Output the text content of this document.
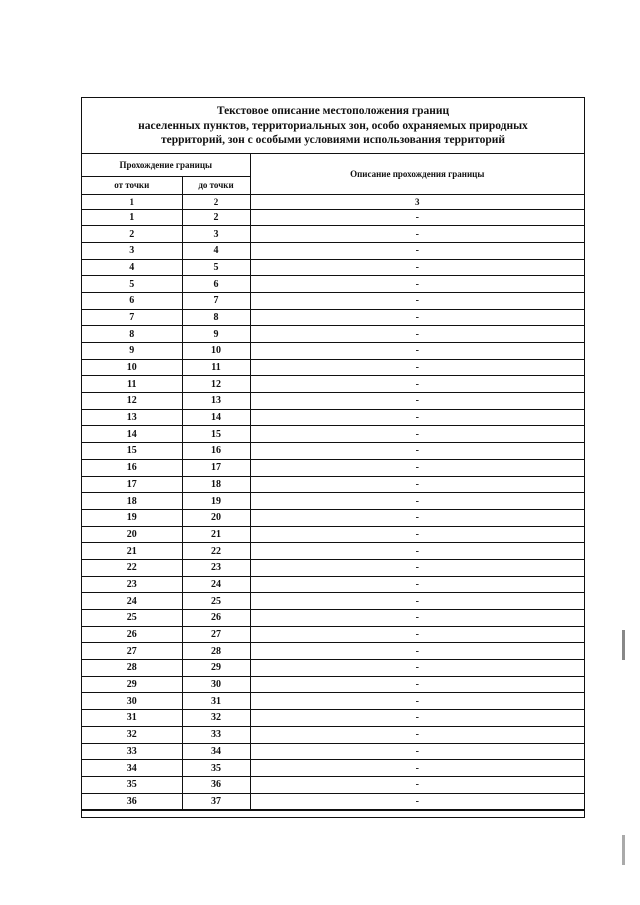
Текстовое описание местоположения границ
населенных пунктов, территориальных зон, особо охраняемых природных
территорий, зон с особыми условиями использования территорий
Прохождение границы		Описание прохождения границы
от точки	до точки	
1	2	3
1	2	-
2	3	-
3	4	-
4	5	-
5	6	-
6	7	-
7	8	-
8	9	-
9	10	-
10	11	-
11	12	-
12	13	-
13	14	-
14	15	-
15	16	-
16	17	-
17	18	-
18	19	-
19	20	-
20	21	-
21	22	-
22	23	-
23	24	-
24	25	-
25	26	-
26	27	-
27	28	-
28	29	-
29	30	-
30	31	-
31	32	-
32	33	-
33	34	-
34	35	-
35	36	-
36	37	-
